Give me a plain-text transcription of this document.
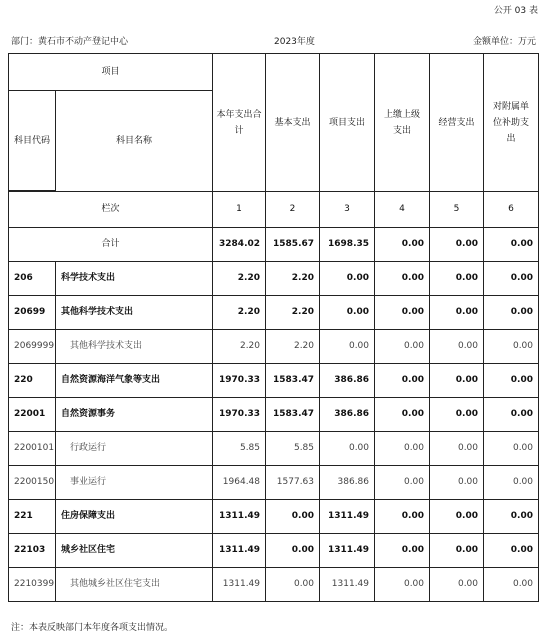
公开 03 表
部门：黄石市不动产登记中心	2023年度	金额单位：万元
项目		本年支出合计	基本支出	项目支出	上缴上级支出	经营支出	对附属单位补助支出
科目代码	科目名称						

栏次		1	2	3	4	5	6
合计		3284.02	1585.67	1698.35	0.00	0.00	0.00
206	科学技术支出	2.20	2.20	0.00	0.00	0.00	0.00
20699	其他科学技术支出	2.20	2.20	0.00	0.00	0.00	0.00
2069999	其他科学技术支出	2.20	2.20	0.00	0.00	0.00	0.00
220	自然资源海洋气象等支出	1970.33	1583.47	386.86	0.00	0.00	0.00
22001	自然资源事务	1970.33	1583.47	386.86	0.00	0.00	0.00
2200101	行政运行	5.85	5.85	0.00	0.00	0.00	0.00
2200150	事业运行	1964.48	1577.63	386.86	0.00	0.00	0.00
221	住房保障支出	1311.49	0.00	1311.49	0.00	0.00	0.00
22103	城乡社区住宅	1311.49	0.00	1311.49	0.00	0.00	0.00
2210399	其他城乡社区住宅支出	1311.49	0.00	1311.49	0.00	0.00	0.00
注：本表反映部门本年度各项支出情况。
